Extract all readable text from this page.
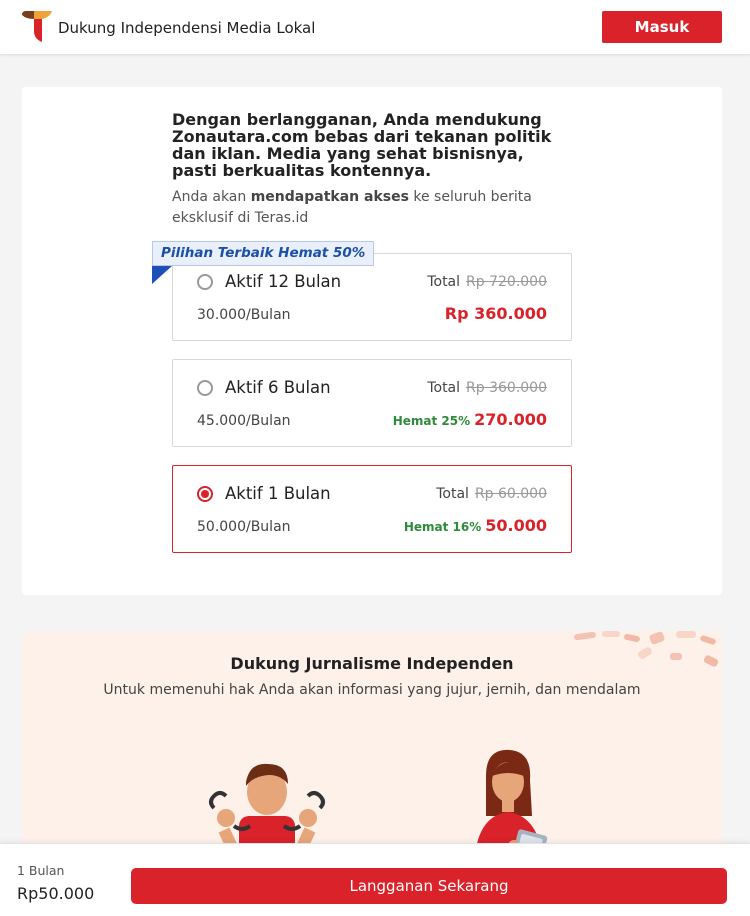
Dukung Independensi Media Lokal	Masuk
Dengan berlangganan, Anda mendukung Zonautara.com bebas dari tekanan politik dan iklan. Media yang sehat bisnisnya, pasti berkualitas kontennya.
Anda akan mendapatkan akses ke seluruh berita eksklusif di Teras.id
Aktif 12 Bulan	Total Rp 720.000
30.000/Bulan	Rp 360.000
Aktif 6 Bulan	Total Rp 360.000
45.000/Bulan	Hemat 25% 270.000
Aktif 1 Bulan	Total Rp 60.000
50.000/Bulan	Hemat 16% 50.000
Pilihan Terbaik Hemat 50%
Dukung Jurnalisme Independen
Untuk memenuhi hak Anda akan informasi yang jujur, jernih, dan mendalam
1 Bulan
Rp50.000	Langganan Sekarang
